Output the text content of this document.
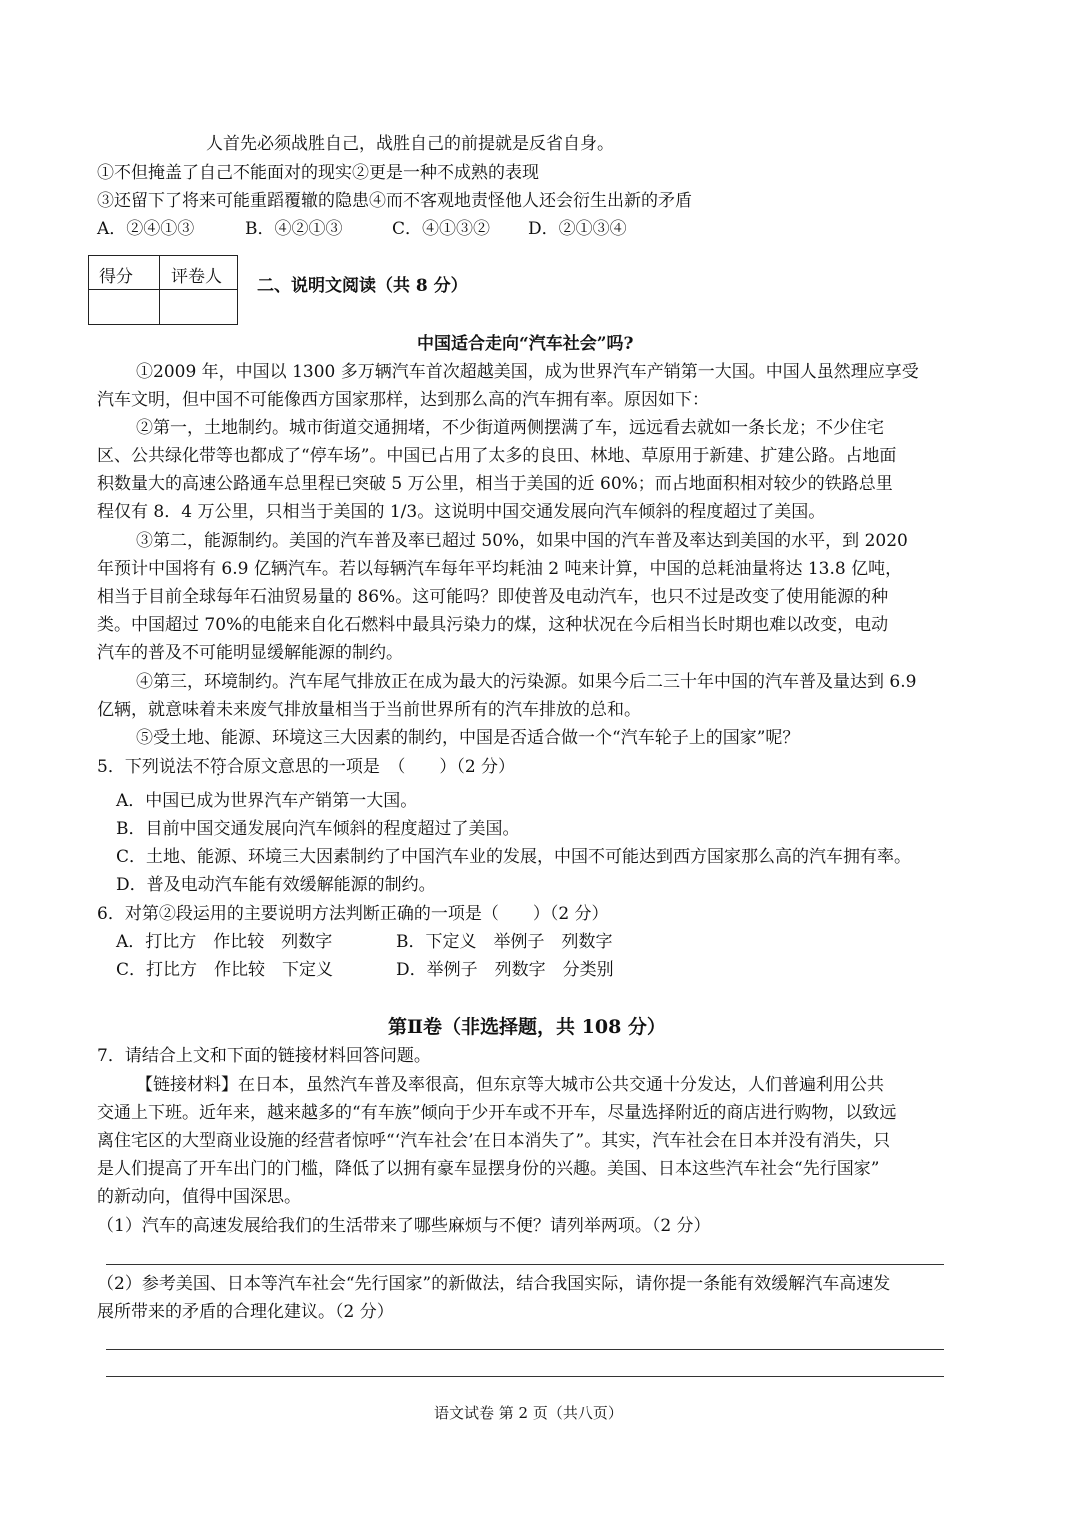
人首先必须战胜自己，战胜自己的前提就是反省自身。
①不但掩盖了自己不能面对的现实②更是一种不成熟的表现
③还留下了将来可能重蹈覆辙的隐患④而不客观地责怪他人还会衍生出新的矛盾
A．②④①③	B．④②①③	C．④①③② D．②①③④
得分 评卷人 二、说明文阅读（共 8 分）
中国适合走向“汽车社会”吗?
①2009 年，中国以 1300 多万辆汽车首次超越美国，成为世界汽车产销第一大国。中国人虽然理应享受
汽车文明，但中国不可能像西方国家那样，达到那么高的汽车拥有率。原因如下：
②第一，土地制约。城市街道交通拥堵，不少街道两侧摆满了车，远远看去就如一条长龙；不少住宅
区、公共绿化带等也都成了“停车场”。中国已占用了太多的良田、林地、草原用于新建、扩建公路。占地面
积数量大的高速公路通车总里程已突破 5 万公里，相当于美国的近 60%；而占地面积相对较少的铁路总里
程仅有 8．4 万公里，只相当于美国的 1/3。这说明中国交通发展向汽车倾斜的程度超过了美国。
③第二，能源制约。美国的汽车普及率已超过 50%，如果中国的汽车普及率达到美国的水平，到 2020
年预计中国将有 6.9 亿辆汽车。若以每辆汽车每年平均耗油 2 吨来计算，中国的总耗油量将达 13.8 亿吨，
相当于目前全球每年石油贸易量的 86%。这可能吗？即使普及电动汽车，也只不过是改变了使用能源的种
类。中国超过 70%的电能来自化石燃料中最具污染力的煤，这种状况在今后相当长时期也难以改变，电动
汽车的普及不可能明显缓解能源的制约。
④第三，环境制约。汽车尾气排放正在成为最大的污染源。如果今后二三十年中国的汽车普及量达到 6.9
亿辆，就意味着未来废气排放量相当于当前世界所有的汽车排放的总和。
⑤受土地、能源、环境这三大因素的制约，中国是否适合做一个“汽车轮子上的国家”呢？
5．下列说法不符合原文意思的一项是　（　　）（2 分）
A．中国已成为世界汽车产销第一大国。
B．目前中国交通发展向汽车倾斜的程度超过了美国。
C．土地、能源、环境三大因素制约了中国汽车业的发展，中国不可能达到西方国家那么高的汽车拥有率。
D．普及电动汽车能有效缓解能源的制约。
6．对第②段运用的主要说明方法判断正确的一项是（　　）（2 分）
A．打比方　作比较　列数字	B．下定义　举例子　列数字
C．打比方　作比较　下定义	D．举例子　列数字　分类别
第Ⅱ卷（非选择题，共 108 分）
7．请结合上文和下面的链接材料回答问题。
【链接材料】在日本，虽然汽车普及率很高，但东京等大城市公共交通十分发达，人们普遍利用公共
交通上下班。近年来，越来越多的“有车族”倾向于少开车或不开车，尽量选择附近的商店进行购物，以致远
离住宅区的大型商业设施的经营者惊呼“‘汽车社会’在日本消失了”。其实，汽车社会在日本并没有消失，只
是人们提高了开车出门的门槛，降低了以拥有豪车显摆身份的兴趣。美国、日本这些汽车社会“先行国家”
的新动向，值得中国深思。
（1）汽车的高速发展给我们的生活带来了哪些麻烦与不便？请列举两项。（2 分）
（2）参考美国、日本等汽车社会“先行国家”的新做法，结合我国实际，请你提一条能有效缓解汽车高速发
展所带来的矛盾的合理化建议。（2 分）
语文试卷 第 2 页（共八页）
